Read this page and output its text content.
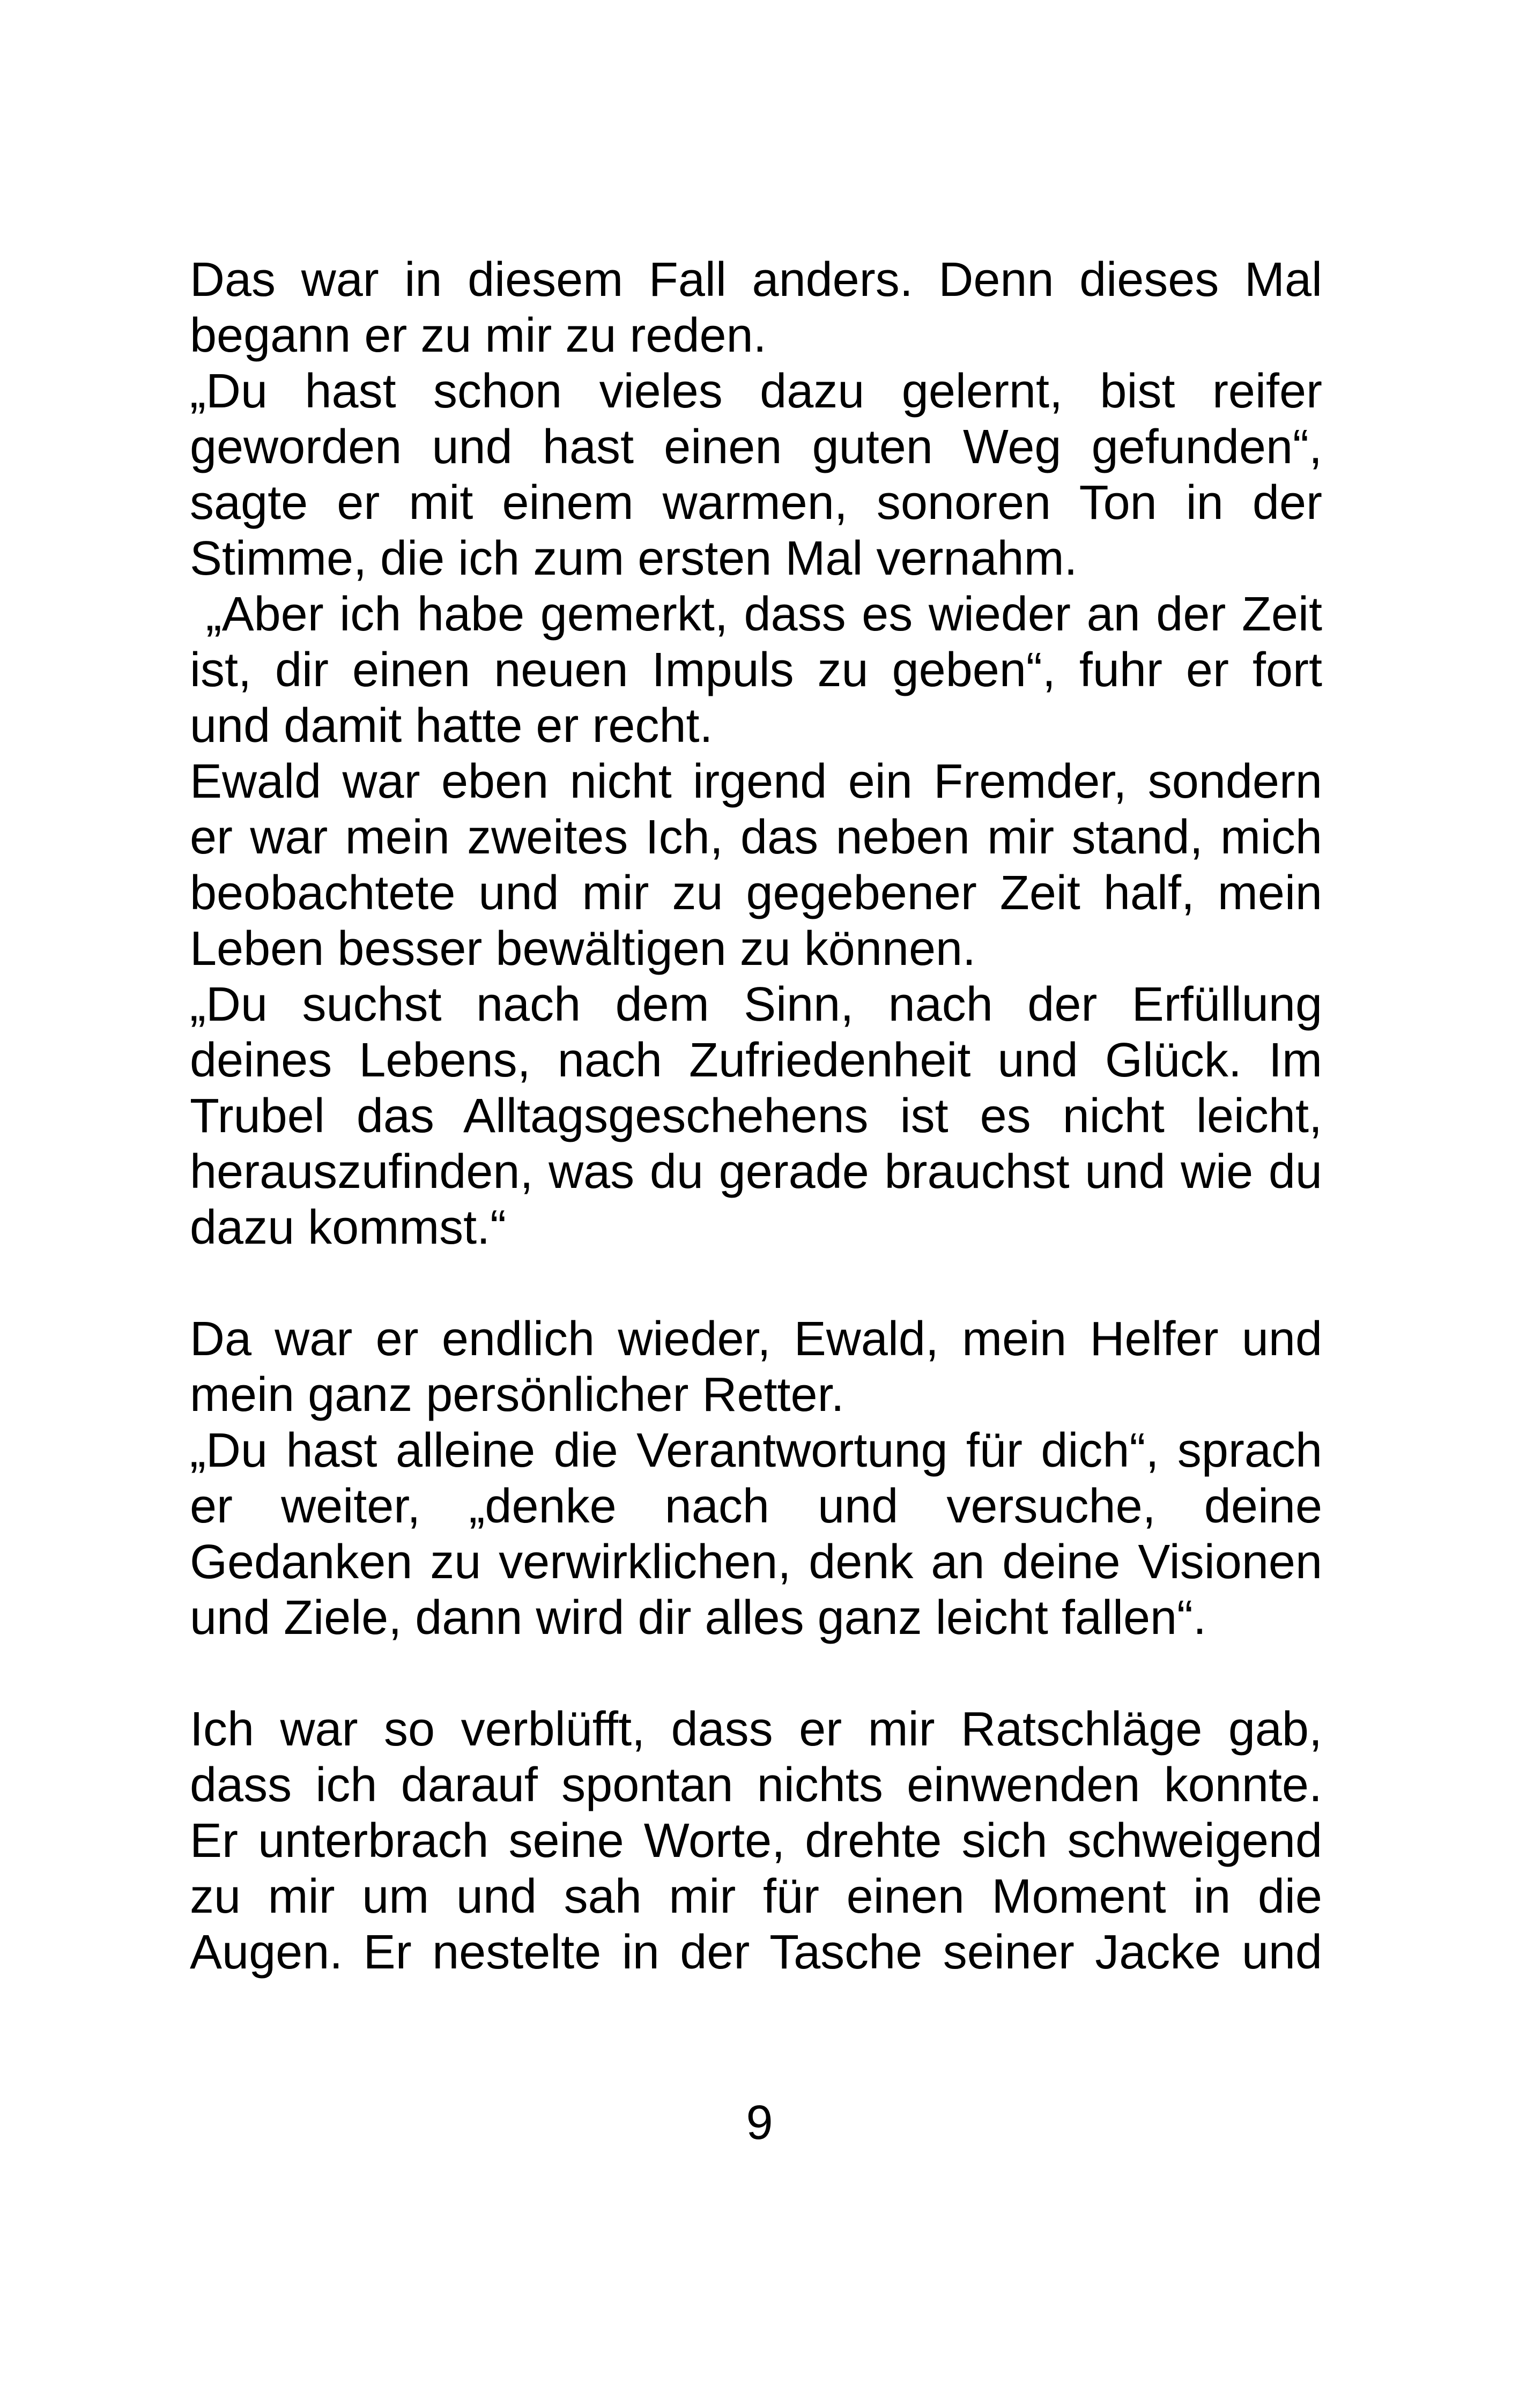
Das war in diesem Fall anders. Denn dieses Mal
begann er zu mir zu reden.
„Du hast schon vieles dazu gelernt, bist reifer
geworden und hast einen guten Weg gefunden“,
sagte er mit einem warmen, sonoren Ton in der
Stimme, die ich zum ersten Mal vernahm.
„Aber ich habe gemerkt, dass es wieder an der Zeit
ist, dir einen neuen Impuls zu geben“, fuhr er fort
und damit hatte er recht.
Ewald war eben nicht irgend ein Fremder, sondern
er war mein zweites Ich, das neben mir stand, mich
beobachtete und mir zu gegebener Zeit half, mein
Leben besser bewältigen zu können.
„Du suchst nach dem Sinn, nach der Erfüllung
deines Lebens, nach Zufriedenheit und Glück. Im
Trubel das Alltagsgeschehens ist es nicht leicht,
herauszufinden, was du gerade brauchst und wie du
dazu kommst.“
Da war er endlich wieder, Ewald, mein Helfer und
mein ganz persönlicher Retter.
„Du hast alleine die Verantwortung für dich“, sprach
er weiter, „denke nach und versuche, deine
Gedanken zu verwirklichen, denk an deine Visionen
und Ziele, dann wird dir alles ganz leicht fallen“.
Ich war so verblüfft, dass er mir Ratschläge gab,
dass ich darauf spontan nichts einwenden konnte.
Er unterbrach seine Worte, drehte sich schweigend
zu mir um und sah mir für einen Moment in die
Augen. Er nestelte in der Tasche seiner Jacke und
9
